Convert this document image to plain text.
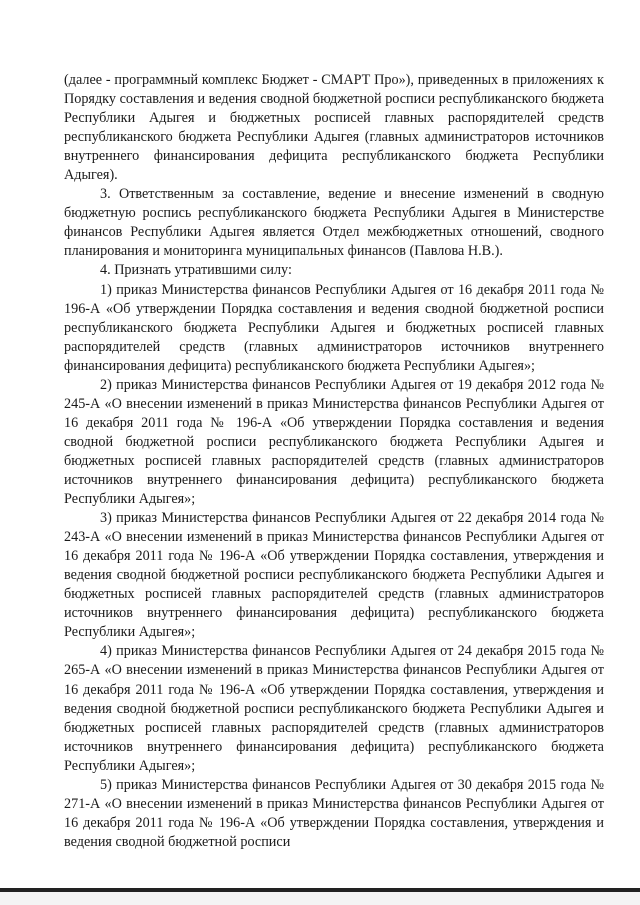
(далее - программный комплекс Бюджет - СМАРТ Про»), приведенных в приложениях к Порядку составления и ведения сводной бюджетной росписи республиканского бюджета Республики Адыгея и бюджетных росписей главных распорядителей средств республиканского бюджета Республики Адыгея (главных администраторов источников внутреннего финансирования дефицита республиканского бюджета Республики Адыгея).

3. Ответственным за составление, ведение и внесение изменений в сводную бюджетную роспись республиканского бюджета Республики Адыгея в Министерстве финансов Республики Адыгея является Отдел межбюджетных отношений, сводного планирования и мониторинга муниципальных финансов (Павлова Н.В.).

4. Признать утратившими силу:

1) приказ Министерства финансов Республики Адыгея от 16 декабря 2011 года № 196-А «Об утверждении Порядка составления и ведения сводной бюджетной росписи республиканского бюджета Республики Адыгея и бюджетных росписей главных распорядителей средств (главных администраторов источников внутреннего финансирования дефицита) республиканского бюджета Республики Адыгея»;

2) приказ Министерства финансов Республики Адыгея от 19 декабря 2012 года № 245-А «О внесении изменений в приказ Министерства финансов Республики Адыгея от 16 декабря 2011 года № 196-А «Об утверждении Порядка составления и ведения сводной бюджетной росписи республиканского бюджета Республики Адыгея и бюджетных росписей главных распорядителей средств (главных администраторов источников внутреннего финансирования дефицита) республиканского бюджета Республики Адыгея»;

3) приказ Министерства финансов Республики Адыгея от 22 декабря 2014 года № 243-А «О внесении изменений в приказ Министерства финансов Республики Адыгея от 16 декабря 2011 года № 196-А «Об утверждении Порядка составления, утверждения и ведения сводной бюджетной росписи республиканского бюджета Республики Адыгея и бюджетных росписей главных распорядителей средств (главных администраторов источников внутреннего финансирования дефицита) республиканского бюджета Республики Адыгея»;

4) приказ Министерства финансов Республики Адыгея от 24 декабря 2015 года № 265-А «О внесении изменений в приказ Министерства финансов Республики Адыгея от 16 декабря 2011 года № 196-А «Об утверждении Порядка составления, утверждения и ведения сводной бюджетной росписи республиканского бюджета Республики Адыгея и бюджетных росписей главных распорядителей средств (главных администраторов источников внутреннего финансирования дефицита) республиканского бюджета Республики Адыгея»;

5) приказ Министерства финансов Республики Адыгея от 30 декабря 2015 года № 271-А «О внесении изменений в приказ Министерства финансов Республики Адыгея от 16 декабря 2011 года № 196-А «Об утверждении Порядка составления, утверждения и ведения сводной бюджетной росписи
